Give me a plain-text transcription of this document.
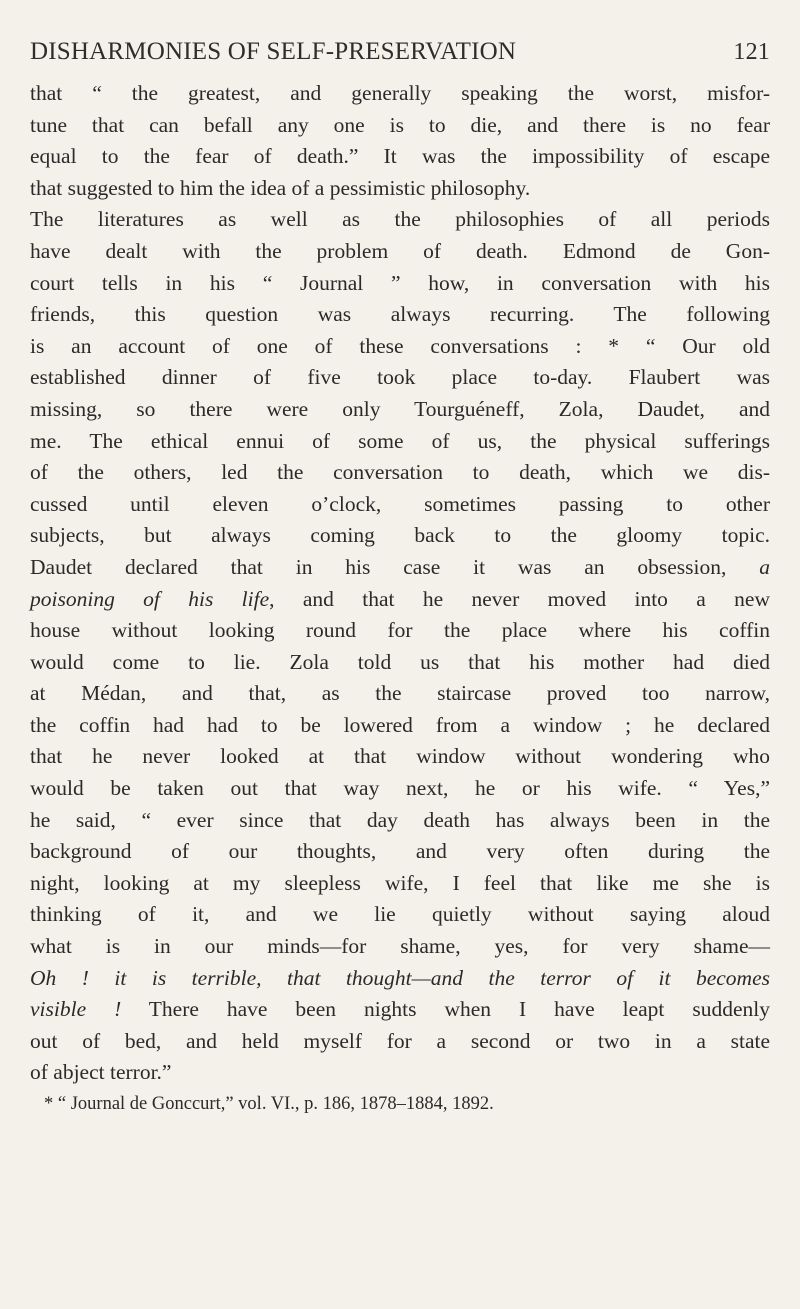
DISHARMONIES OF SELF-PRESERVATION	121

that “ the greatest, and generally speaking the worst, misfor-
tune that can befall any one is to die, and there is no fear
equal to the fear of death.” It was the impossibility of escape
that suggested to him the idea of a pessimistic philosophy.
The literatures as well as the philosophies of all periods
have dealt with the problem of death. Edmond de Gon-
court tells in his “ Journal ” how, in conversation with his
friends, this question was always recurring. The following
is an account of one of these conversations : * “ Our old
established dinner of five took place to-day. Flaubert was
missing, so there were only Tourguéneff, Zola, Daudet, and
me. The ethical ennui of some of us, the physical sufferings
of the others, led the conversation to death, which we dis-
cussed until eleven o’clock, sometimes passing to other
subjects, but always coming back to the gloomy topic.
Daudet declared that in his case it was an obsession, a
poisoning of his life, and that he never moved into a new
house without looking round for the place where his coffin
would come to lie. Zola told us that his mother had died
at Médan, and that, as the staircase proved too narrow,
the coffin had had to be lowered from a window ; he declared
that he never looked at that window without wondering who
would be taken out that way next, he or his wife. “ Yes,”
he said, “ ever since that day death has always been in the
background of our thoughts, and very often during the
night, looking at my sleepless wife, I feel that like me she is
thinking of it, and we lie quietly without saying aloud
what is in our minds—for shame, yes, for very shame—
Oh ! it is terrible, that thought—and the terror of it becomes
visible ! There have been nights when I have leapt suddenly
out of bed, and held myself for a second or two in a state
of abject terror.”

* “ Journal de Gonccurt,” vol. VI., p. 186, 1878–1884, 1892.
